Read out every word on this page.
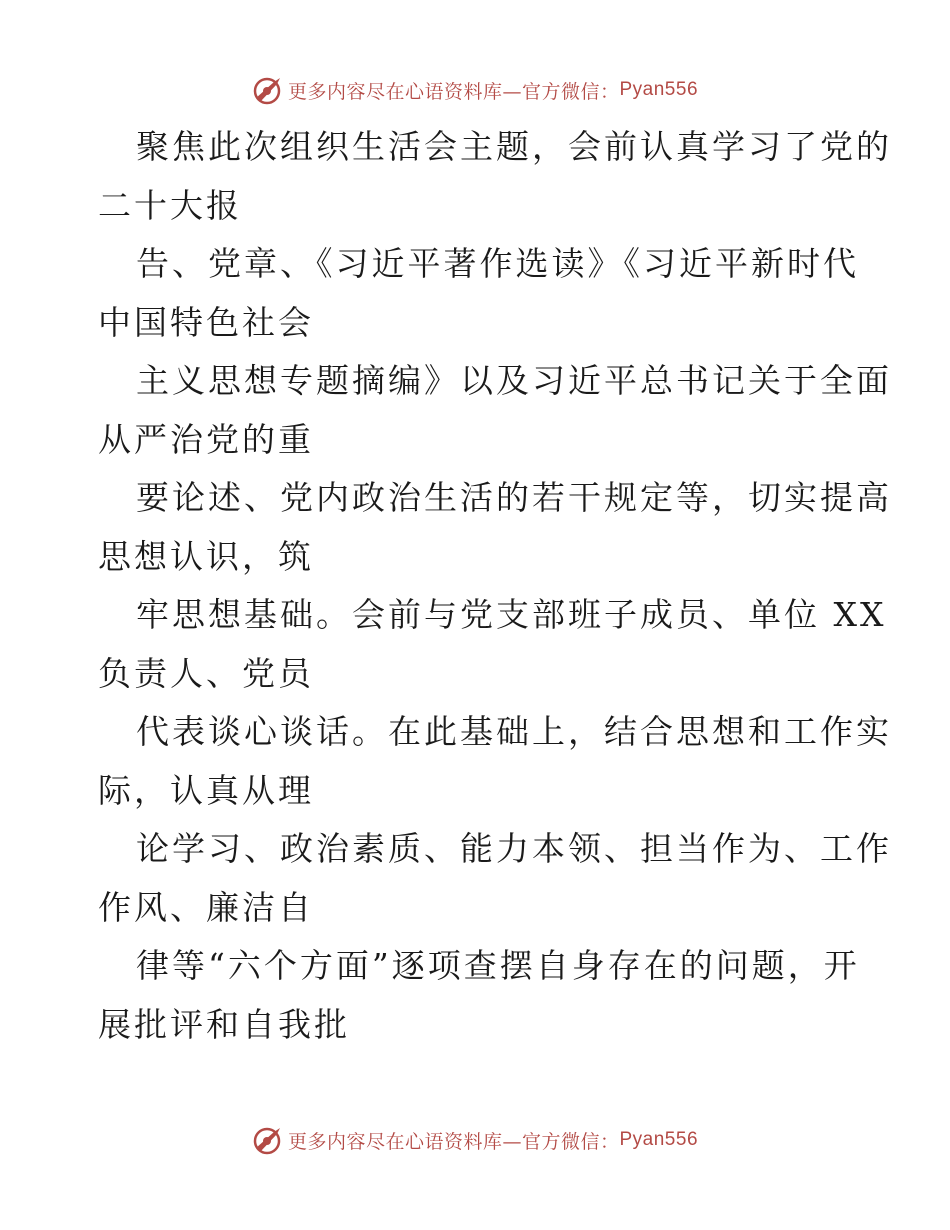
更多内容尽在心语资料库—官方微信： Pyan556
聚焦此次组织生活会主题，会前认真学习了党的
二十大报
告、党章、《习近平著作选读》《习近平新时代
中国特色社会
主义思想专题摘编》以及习近平总书记关于全面
从严治党的重
要论述、党内政治生活的若干规定等，切实提高
思想认识，筑
牢思想基础。会前与党支部班子成员、单位 XX
负责人、党员
代表谈心谈话。在此基础上，结合思想和工作实
际，认真从理
论学习、政治素质、能力本领、担当作为、工作
作风、廉洁自
律等“六个方面”逐项查摆自身存在的问题，开
展批评和自我批
更多内容尽在心语资料库—官方微信： Pyan556
